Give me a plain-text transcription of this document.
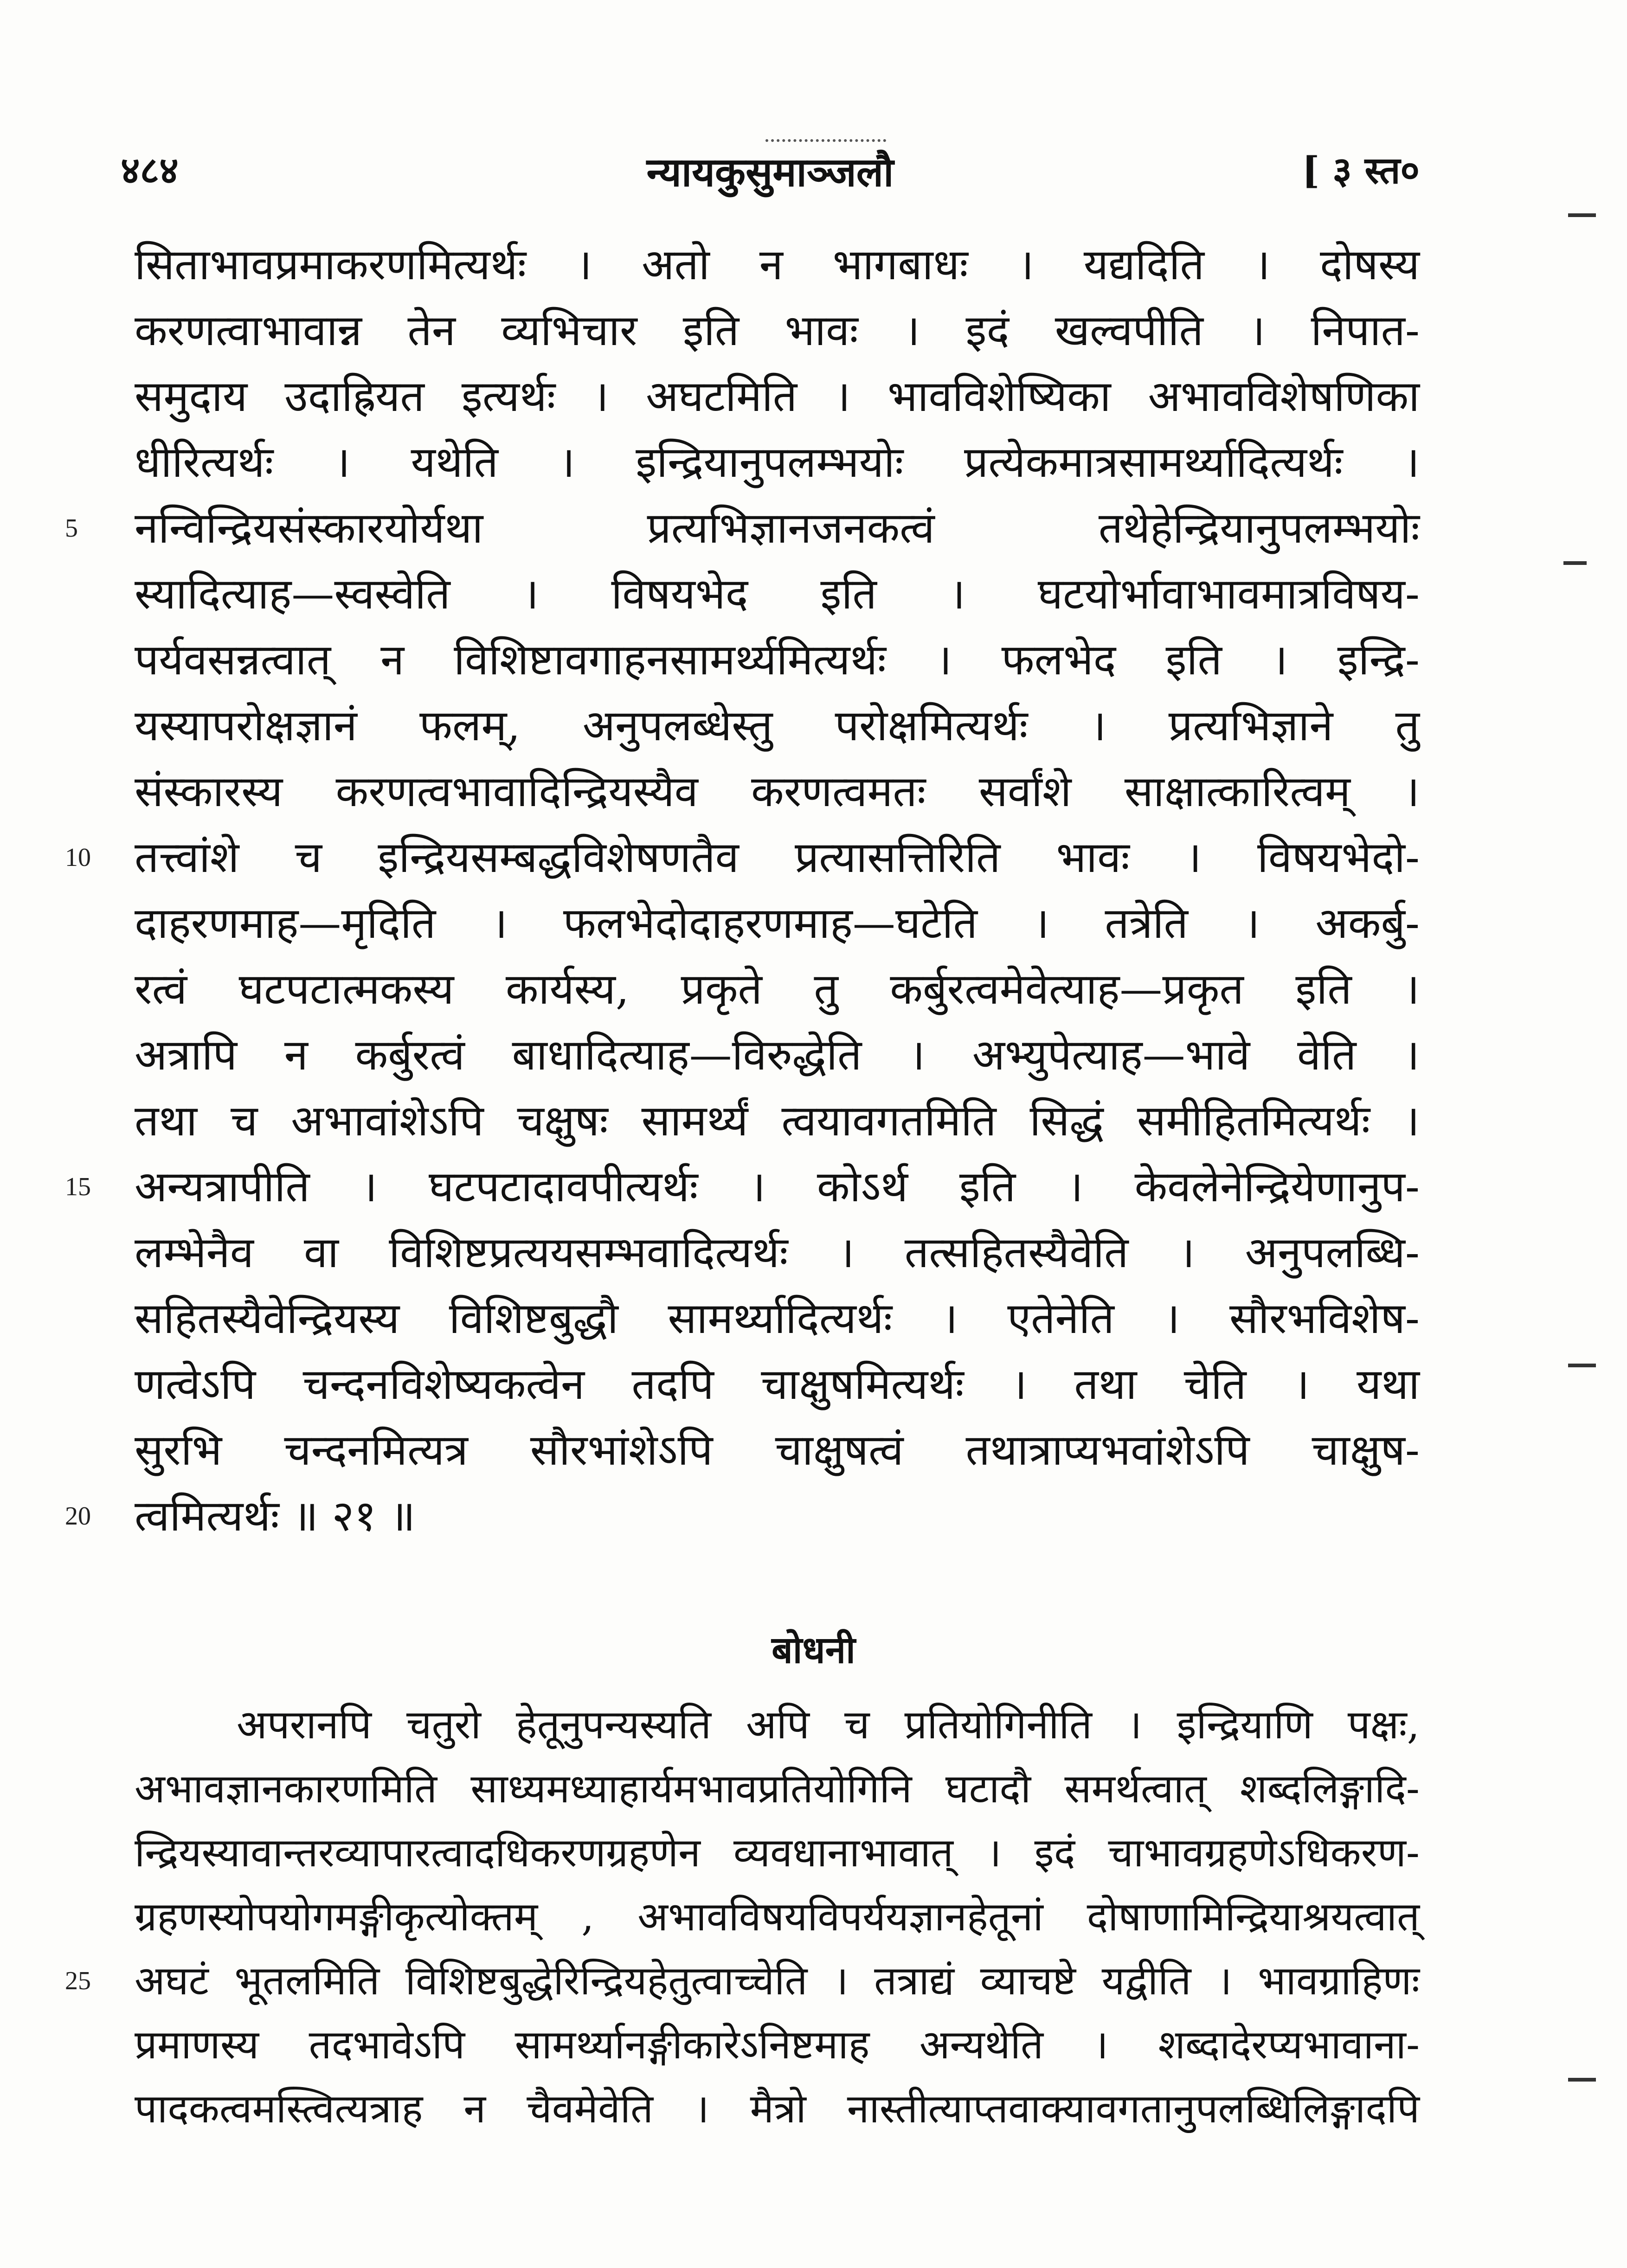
४८४	न्यायकुसुमाञ्जलौ	[ ३ स्त०
सिताभावप्रमाकरणमित्यर्थः । अतो न भागबाधः । यद्यदिति । दोषस्य
करणत्वाभावान्न तेन व्यभिचार इति भावः । इदं खल्वपीति । निपात-
समुदाय उदाह्रियत इत्यर्थः । अघटमिति । भावविशेष्यिका अभावविशेषणिका
धीरित्यर्थः । यथेति । इन्द्रियानुपलम्भयोः प्रत्येकमात्रसामर्थ्यादित्यर्थः ।
5	नन्विन्द्रियसंस्कारयोर्यथा प्रत्यभिज्ञानजनकत्वं तथेहेन्द्रियानुपलम्भयोः
स्यादित्याह—स्वस्वेति । विषयभेद इति । घटयोर्भावाभावमात्रविषय-
पर्यवसन्नत्वात् न विशिष्टावगाहनसामर्थ्यमित्यर्थः । फलभेद इति । इन्द्रि-
यस्यापरोक्षज्ञानं फलम्, अनुपलब्धेस्तु परोक्षमित्यर्थः । प्रत्यभिज्ञाने तु
संस्कारस्य करणत्वभावादिन्द्रियस्यैव करणत्वमतः सर्वांशे साक्षात्कारित्वम् ।
10	तत्त्वांशे च इन्द्रियसम्बद्धविशेषणतैव प्रत्यासत्तिरिति भावः । विषयभेदो-
दाहरणमाह—मृदिति । फलभेदोदाहरणमाह—घटेति । तत्रेति । अकर्बु-
रत्वं घटपटात्मकस्य कार्यस्य, प्रकृते तु कर्बुरत्वमेवेत्याह—प्रकृत इति ।
अत्रापि न कर्बुरत्वं बाधादित्याह—विरुद्धेति । अभ्युपेत्याह—भावे वेति ।
तथा च अभावांशेऽपि चक्षुषः सामर्थ्यं त्वयावगतमिति सिद्धं समीहितमित्यर्थः ।
15	अन्यत्रापीति । घटपटादावपीत्यर्थः । कोऽर्थ इति । केवलेनेन्द्रियेणानुप-
लम्भेनैव वा विशिष्टप्रत्ययसम्भवादित्यर्थः । तत्सहितस्यैवेति । अनुपलब्धि-
सहितस्यैवेन्द्रियस्य विशिष्टबुद्धौ सामर्थ्यादित्यर्थः । एतेनेति । सौरभविशेष-
णत्वेऽपि चन्दनविशेष्यकत्वेन तदपि चाक्षुषमित्यर्थः । तथा चेति । यथा
सुरभि चन्दनमित्यत्र सौरभांशेऽपि चाक्षुषत्वं तथात्राप्यभवांशेऽपि चाक्षुष-
20	त्वमित्यर्थः ॥ २१ ॥
बोधनी
अपरानपि चतुरो हेतूनुपन्यस्यति अपि च प्रतियोगिनीति । इन्द्रियाणि पक्षः,
अभावज्ञानकारणमिति साध्यमध्याहार्यमभावप्रतियोगिनि घटादौ समर्थत्वात् शब्दलिङ्गादि-
न्द्रियस्यावान्तरव्यापारत्वादधिकरणग्रहणेन व्यवधानाभावात् । इदं चाभावग्रहणेऽधिकरण-
ग्रहणस्योपयोगमङ्गीकृत्योक्तम् , अभावविषयविपर्ययज्ञानहेतूनां दोषाणामिन्द्रियाश्रयत्वात्
25	अघटं भूतलमिति विशिष्टबुद्धेरिन्द्रियहेतुत्वाच्चेति । तत्राद्यं व्याचष्टे यद्वीति । भावग्राहिणः
प्रमाणस्य तदभावेऽपि सामर्थ्यानङ्गीकारेऽनिष्टमाह अन्यथेति । शब्दादेरप्यभावाना-
पादकत्वमस्त्वित्यत्राह न चैवमेवेति । मैत्रो नास्तीत्याप्तवाक्यावगतानुपलब्धिलिङ्गादपि
